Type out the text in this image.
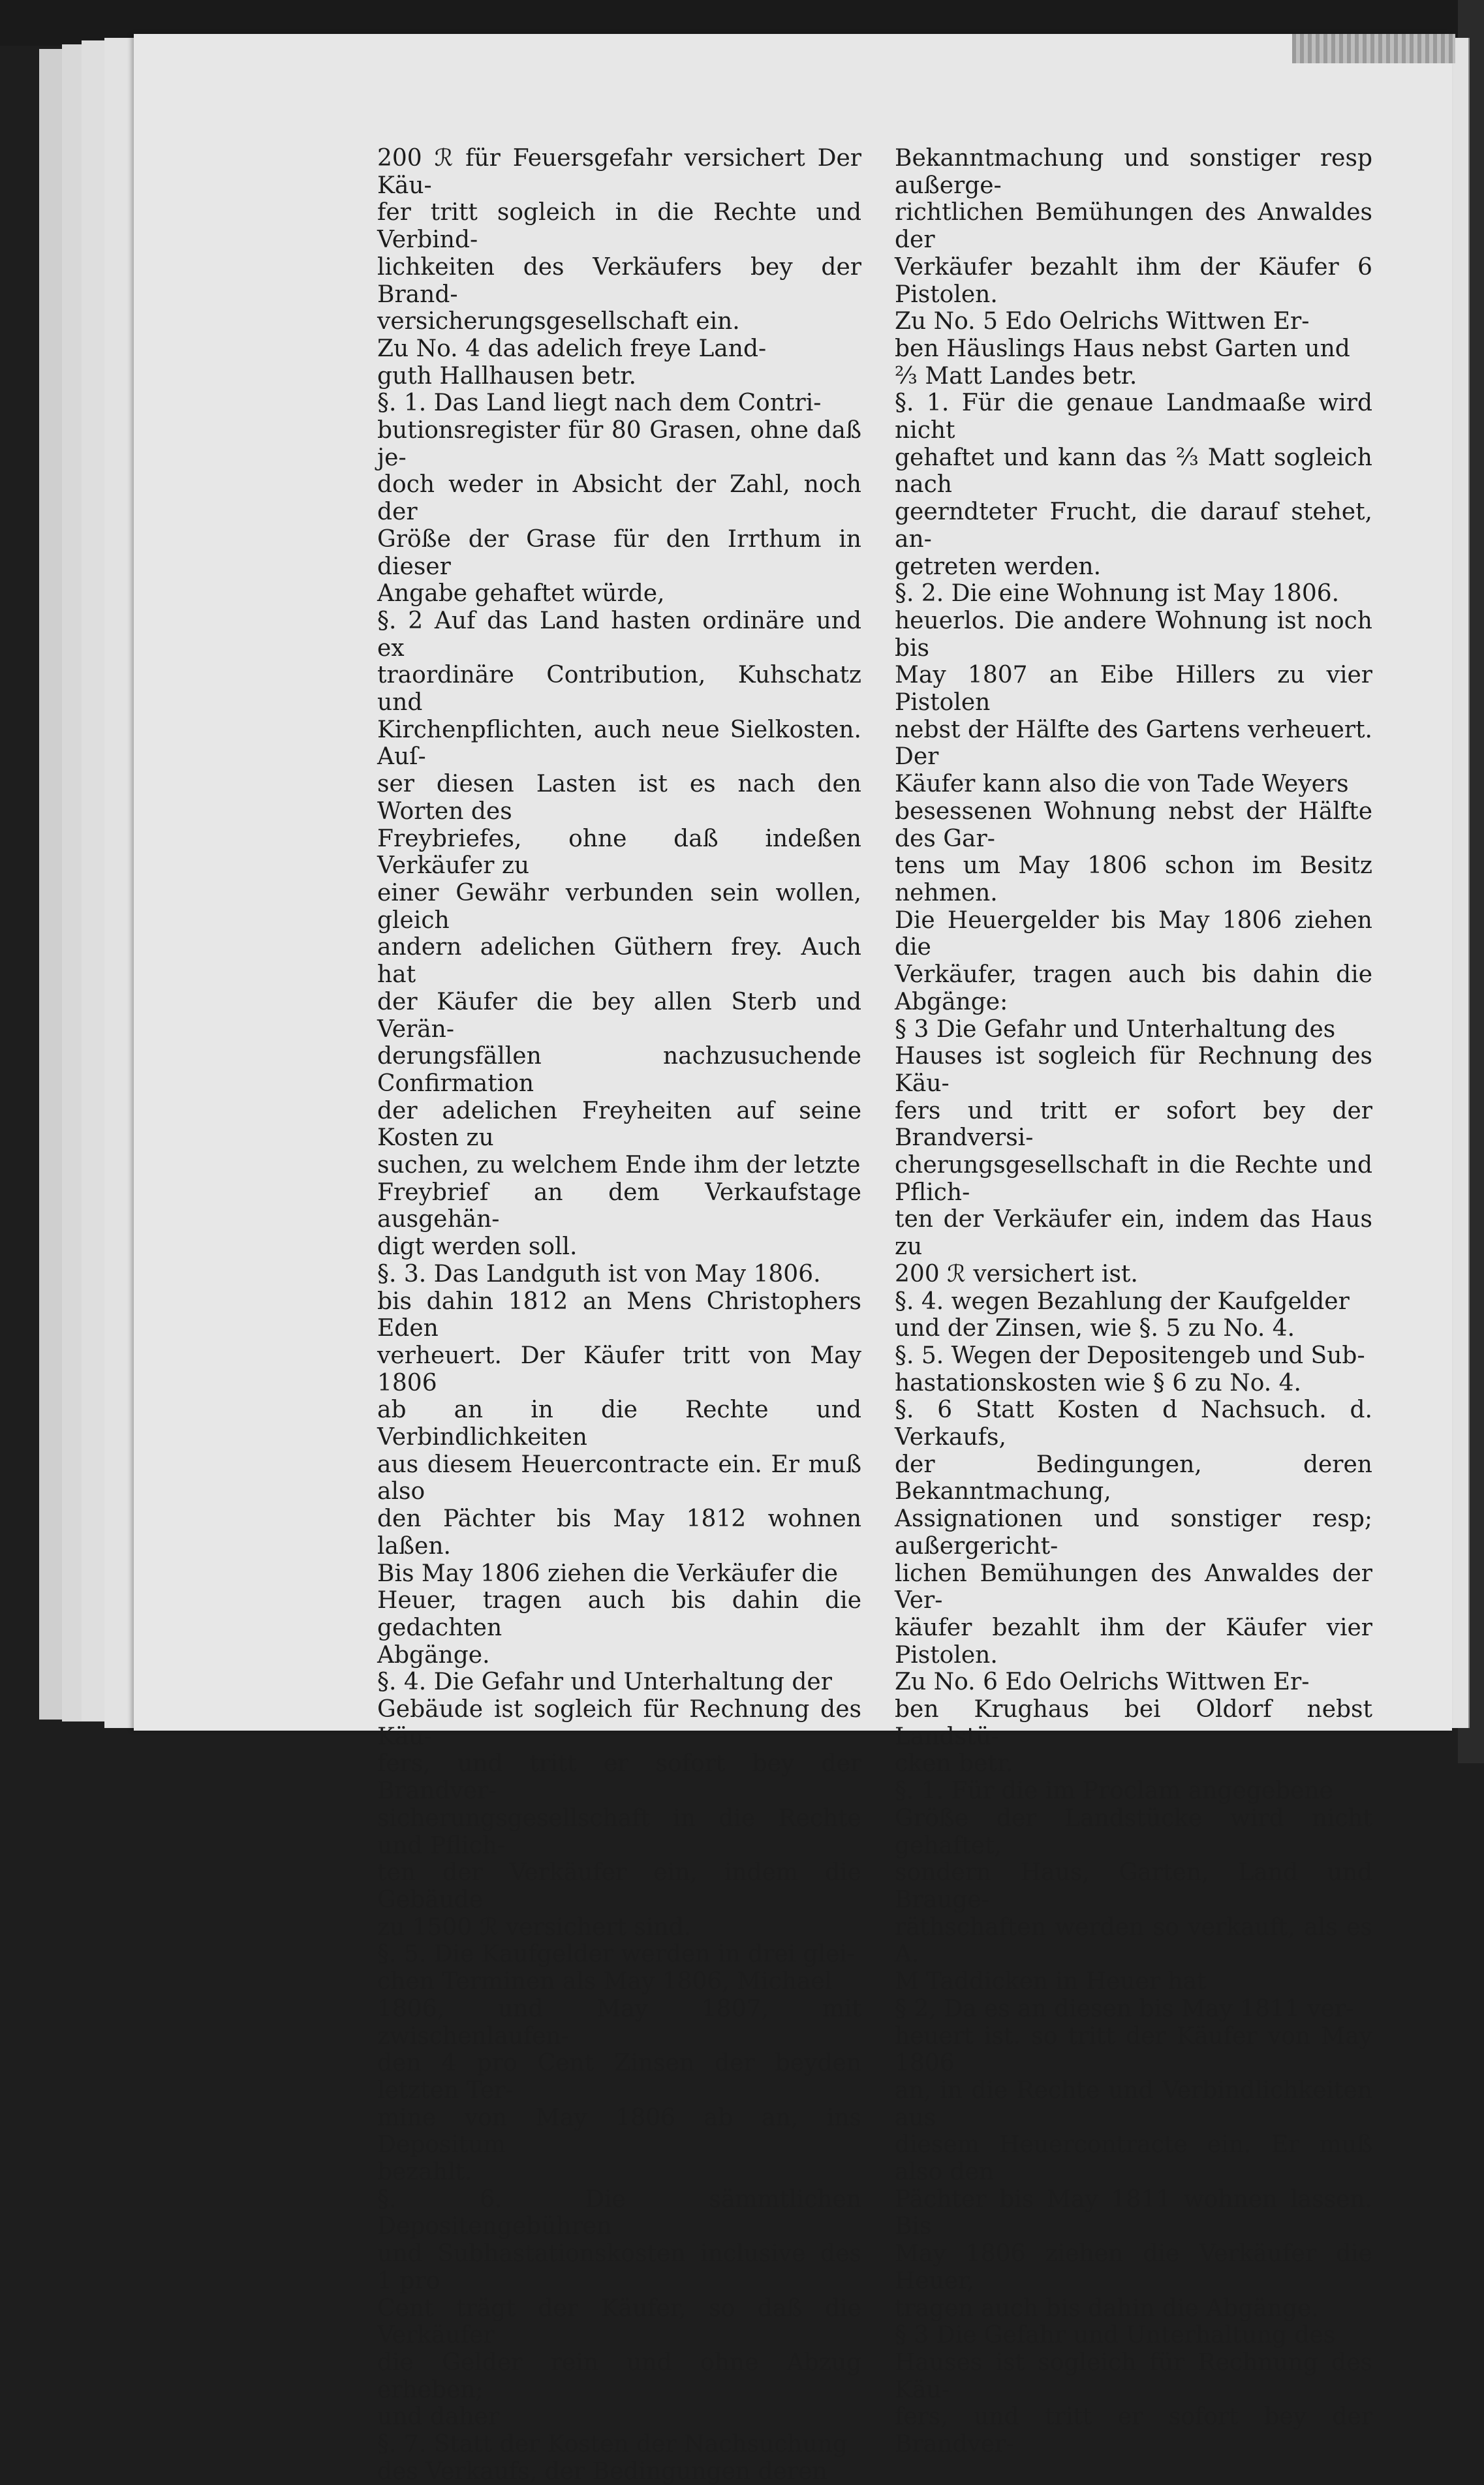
200 ℛ für Feuersgefahr versichert Der Käu-

fer tritt sogleich in die Rechte und Verbind-

lichkeiten des Verkäufers bey der Brand-

versicherungsgesellschaft ein.

Zu No. 4 das adelich freye Land-

guth Hallhausen betr.

§. 1. Das Land liegt nach dem Contri-

butionsregister für 80 Grasen, ohne daß je-

doch weder in Absicht der Zahl, noch der

Größe der Grase für den Irrthum in dieser

Angabe gehaftet würde,

§. 2 Auf das Land hasten ordinäre und ex

traordinäre Contribution, Kuhschatz und

Kirchenpflichten, auch neue Sielkosten. Auſ-

ser diesen Lasten ist es nach den Worten des

Freybriefes, ohne daß indeßen Verkäufer zu

einer Gewähr verbunden sein wollen, gleich

andern adelichen Güthern frey. Auch hat

der Käufer die bey allen Sterb und Verän-

derungsfällen nachzusuchende Confirmation

der adelichen Freyheiten auf seine Kosten zu

suchen, zu welchem Ende ihm der letzte

Freybrief an dem Verkaufstage ausgehän-

digt werden soll.

§. 3. Das Landguth ist von May 1806.

bis dahin 1812 an Mens Christophers Eden

verheuert. Der Käufer tritt von May 1806

ab an in die Rechte und Verbindlichkeiten

aus diesem Heuercontracte ein. Er muß also

den Pächter bis May 1812 wohnen laßen.

Bis May 1806 ziehen die Verkäufer die

Heuer, tragen auch bis dahin die gedachten

Abgänge.

§. 4. Die Gefahr und Unterhaltung der

Gebäude ist sogleich für Rechnung des Käu-

fers, und tritt er sofort bey der Brandver-

sicherungsgesellschaft in die Rechte und Pflich-

ten der Verkäufer ein, indem die Gebäude

zu 1500 ℛ versichert sind.

§. 5. Die Kaufgelder werden in drei glei-

chen Terminen als May 1806, Michael

1806, und May 1807, mit zwischenlaufen-

den 4 pro Cent Zinsen der beyden letzten Ter-

mine von May 1806 ab an, ins Depositum

bezahlt.

§. 6. Die sämmtlichen Depositengebühren

und Subhastationskosten inclusive des 1 pro

Cent trägt der Käufer, so daß die Verkäufer

die Gelder rein und ohne Abzug erheben;

und daher

§. 7. Statt der Kosten der Nachsuchung

des Verkaufs, der Bedingungen deren

Bekanntmachung und sonstiger resp außerge-

richtlichen Bemühungen des Anwaldes der

Verkäufer bezahlt ihm der Käufer 6 Pistolen.

Zu No. 5 Edo Oelrichs Wittwen Er-

ben Häuslings Haus nebst Garten und

⅔ Matt Landes betr.

§. 1. Für die genaue Landmaaße wird nicht

gehaftet und kann das ⅔ Matt sogleich nach

geerndteter Frucht, die darauf stehet, an-

getreten werden.

§. 2. Die eine Wohnung ist May 1806.

heuerlos. Die andere Wohnung ist noch bis

May 1807 an Eibe Hillers zu vier Pistolen

nebst der Hälfte des Gartens verheuert. Der

Käufer kann also die von Tade Weyers

besessenen Wohnung nebst der Hälfte des Gar-

tens um May 1806 schon im Besitz nehmen.

Die Heuergelder bis May 1806 ziehen die

Verkäufer, tragen auch bis dahin die Abgänge:

§ 3 Die Gefahr und Unterhaltung des

Hauses ist sogleich für Rechnung des Käu-

fers und tritt er sofort bey der Brandversi-

cherungsgesellschaft in die Rechte und Pflich-

ten der Verkäufer ein, indem das Haus zu

200 ℛ versichert ist.

§. 4. wegen Bezahlung der Kaufgelder

und der Zinsen, wie §. 5 zu No. 4.

§. 5. Wegen der Depositengeb und Sub-

hastationskosten wie § 6 zu No. 4.

§. 6 Statt Kosten d Nachsuch. d. Verkaufs,

der Bedingungen, deren Bekanntmachung,

Assignationen und sonstiger resp; außergericht-

lichen Bemühungen des Anwaldes der Ver-

käufer bezahlt ihm der Käufer vier Pistolen.

Zu No. 6 Edo Oelrichs Wittwen Er-

ben Krughaus bei Oldorf nebst Landstü-

cken betr.

§. 1. Für die im Proclam angegebene

Größe der Landstücke wird nicht gehaftet,

sondern Haus, Garten, Land und Brauge-

räthschaften werden so verkauft, als es A.

M Taddicken in Heuer hat

§ 2, Da es an diesen bis May 1811 ver-

heuert ist. so tritt der Käufer von May 1806

an, in die Rechte und Verbindlichkeiten aus

diesem Heuercontracte ein. Er muß also den

Pächter bis May 1811 wohnen lassen. Bis

May 1806 ziehen die Verkäufer die Heuer,

tragen auch bis dahin die Abgänge.

§ 3 Die Gefahr und Unterhaltung des

Hauses ist sogleich für Rechnung des Käu-

fers, und tritt er sofort bey der Brandver-
